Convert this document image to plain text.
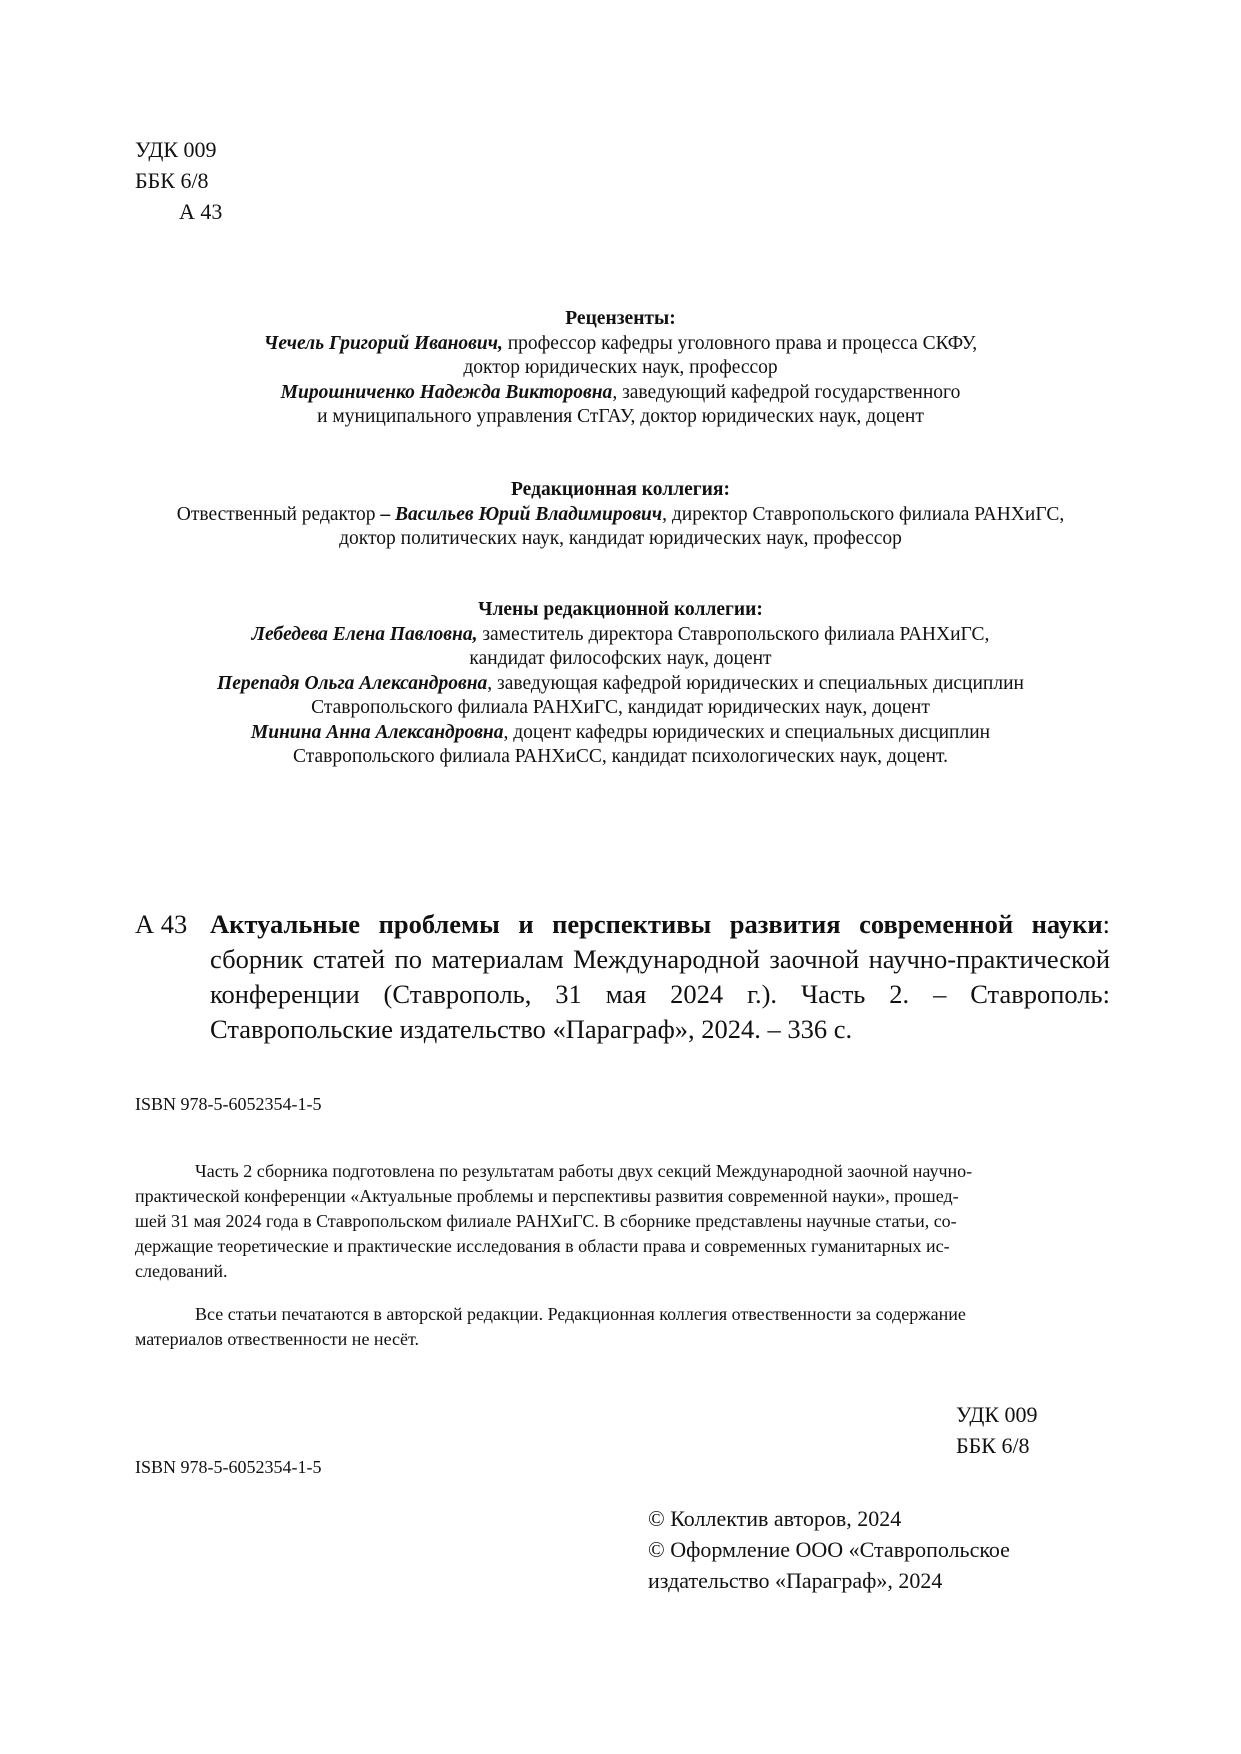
УДК 009
ББК 6/8
А 43
Рецензенты:
Чечель Григорий Иванович, профессор кафедры уголовного права и процесса СКФУ,
доктор юридических наук, профессор
Мирошниченко Надежда Викторовна, заведующий кафедрой государственного
и муниципального управления СтГАУ, доктор юридических наук, доцент
Редакционная коллегия:
Отвественный редактор – Васильев Юрий Владимирович, директор Ставропольского филиала РАНХиГС,
доктор политических наук, кандидат юридических наук, профессор
Члены редакционной коллегии:
Лебедева Елена Павловна, заместитель директора Ставропольского филиала РАНХиГС,
кандидат философских наук, доцент
Перепадя Ольга Александровна, заведующая кафедрой юридических и специальных дисциплин
Ставропольского филиала РАНХиГС, кандидат юридических наук, доцент
Минина Анна Александровна, доцент кафедры юридических и специальных дисциплин
Ставропольского филиала РАНХиСС, кандидат психологических наук, доцент.
А 43 Актуальные проблемы и перспективы развития современной науки: сборник статей по материалам Международной заочной научно-практической конференции (Ставрополь, 31 мая 2024 г.). Часть 2. – Ставрополь: Ставропольские издательство «Параграф», 2024. – 336 с.
ISBN 978-5-6052354-1-5
Часть 2 сборника подготовлена по результатам работы двух секций Международной заочной научно-
практической конференции «Актуальные проблемы и перспективы развития современной науки», прошед-
шей 31 мая 2024 года в Ставропольском филиале РАНХиГС. В сборнике представлены научные статьи, со-
держащие теоретические и практические исследования в области права и современных гуманитарных ис-
следований.
Все статьи печатаются в авторской редакции. Редакционная коллегия отвественности за содержание
материалов отвественности не несёт.
УДК 009
ББК 6/8
ISBN 978-5-6052354-1-5
© Коллектив авторов, 2024
© Оформление ООО «Ставропольское
издательство «Параграф», 2024
